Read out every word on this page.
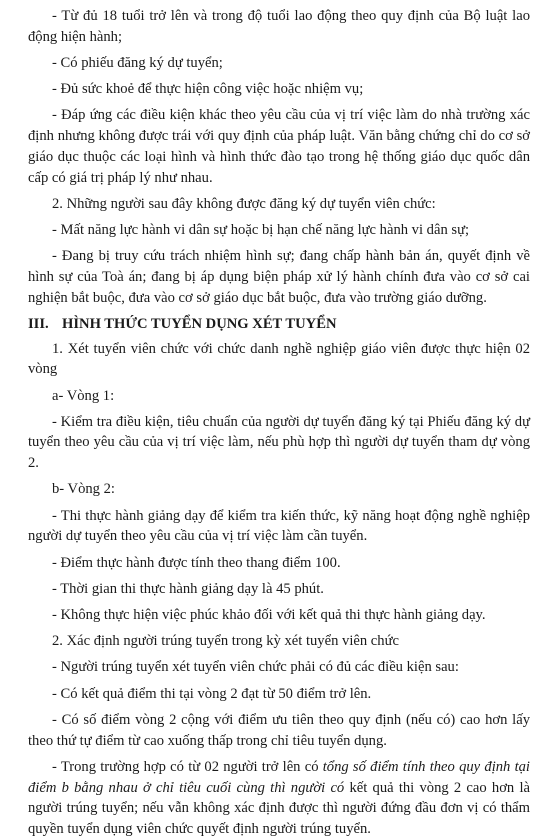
- Từ đủ 18 tuổi trở lên và trong độ tuổi lao động theo quy định của Bộ luật lao động hiện hành;

- Có phiếu đăng ký dự tuyển;

- Đủ sức khoẻ để thực hiện công việc hoặc nhiệm vụ;

- Đáp ứng các điều kiện khác theo yêu cầu của vị trí việc làm do nhà trường xác định nhưng không được trái với quy định của pháp luật. Văn bằng chứng chỉ do cơ sở giáo dục thuộc các loại hình và hình thức đào tạo trong hệ thống giáo dục quốc dân cấp có giá trị pháp lý như nhau.

2. Những người sau đây không được đăng ký dự tuyển viên chức:

- Mất năng lực hành vi dân sự hoặc bị hạn chế năng lực hành vi dân sự;

- Đang bị truy cứu trách nhiệm hình sự; đang chấp hành bản án, quyết định về hình sự của Toà án; đang bị áp dụng biện pháp xử lý hành chính đưa vào cơ sở cai nghiện bắt buộc, đưa vào cơ sở giáo dục bắt buộc, đưa vào trường giáo dưỡng.

III. HÌNH THỨC TUYỂN DỤNG XÉT TUYỂN

1. Xét tuyển viên chức với chức danh nghề nghiệp giáo viên được thực hiện 02 vòng

a- Vòng 1:

- Kiểm tra điều kiện, tiêu chuẩn của người dự tuyển đăng ký tại Phiếu đăng ký dự tuyển theo yêu cầu của vị trí việc làm, nếu phù hợp thì người dự tuyển tham dự vòng 2.

b- Vòng 2:

- Thi thực hành giảng dạy để kiểm tra kiến thức, kỹ năng hoạt động nghề nghiệp người dự tuyển theo yêu cầu của vị trí việc làm cần tuyển.

- Điểm thực hành được tính theo thang điểm 100.

- Thời gian thi thực hành giảng dạy là 45 phút.

- Không thực hiện việc phúc khảo đối với kết quả thi thực hành giảng dạy.

2. Xác định người trúng tuyển trong kỳ xét tuyển viên chức

- Người trúng tuyển xét tuyển viên chức phải có đủ các điều kiện sau:

- Có kết quả điểm thi tại vòng 2 đạt từ 50 điểm trở lên.

- Có số điểm vòng 2 cộng với điểm ưu tiên theo quy định (nếu có) cao hơn lấy theo thứ tự điểm từ cao xuống thấp trong chỉ tiêu tuyển dụng.

- Trong trường hợp có từ 02 người trở lên có tổng số điểm tính theo quy định tại điểm b bằng nhau ở chỉ tiêu cuối cùng thì người có kết quả thi vòng 2 cao hơn là người trúng tuyển; nếu vẫn không xác định được thì người đứng đầu đơn vị có thẩm quyền tuyển dụng viên chức quyết định người trúng tuyển.
